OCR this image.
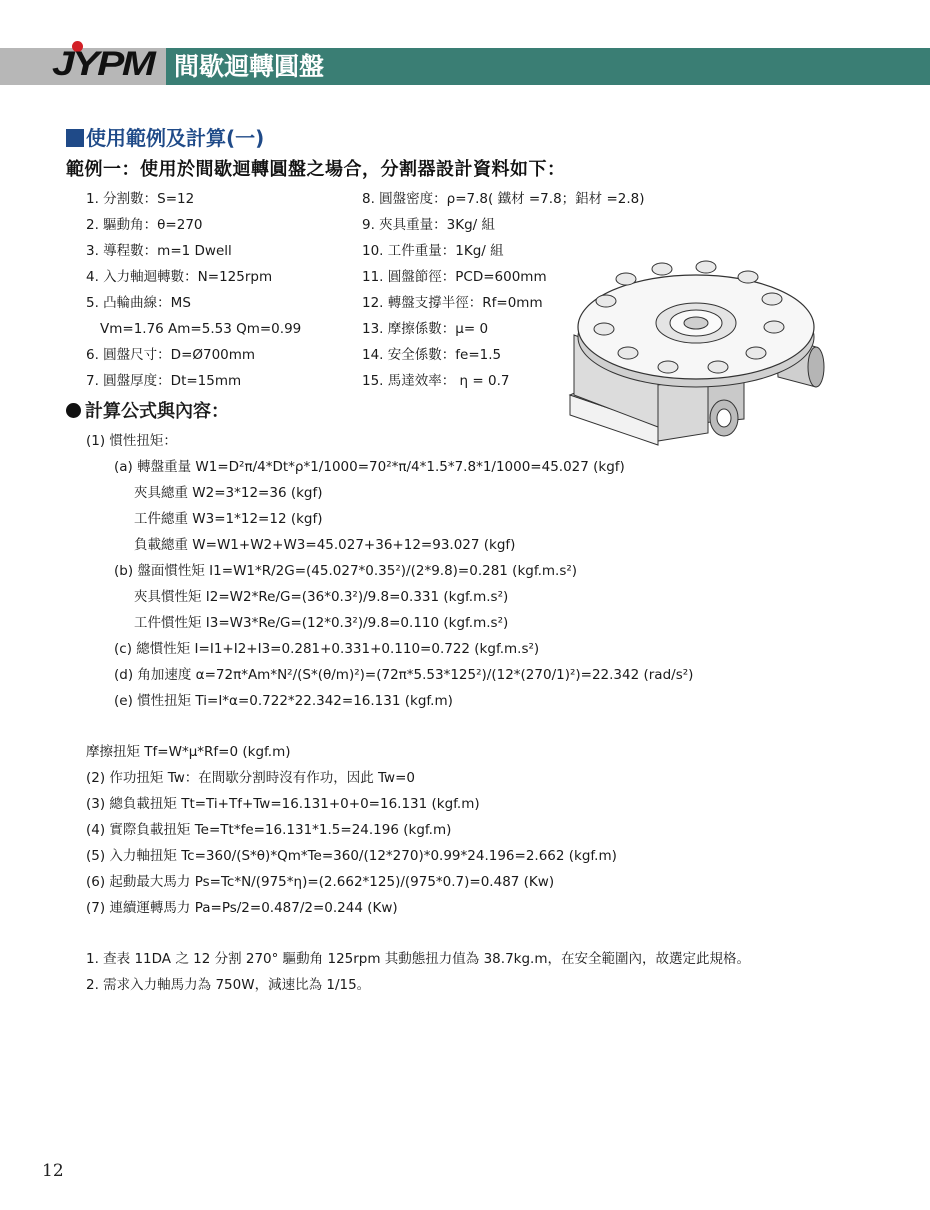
JYPM 間歇迴轉圓盤
使用範例及計算(一)
範例一：使用於間歇迴轉圓盤之場合，分割器設計資料如下：
1. 分割數：S=12
2. 驅動角：θ=270
3. 導程數：m=1 Dwell
4. 入力軸迴轉數：N=125rpm
5. 凸輪曲線：MS
Vm=1.76 Am=5.53 Qm=0.99
6. 圓盤尺寸：D=Ø700mm
7. 圓盤厚度：Dt=15mm
8. 圓盤密度：ρ=7.8( 鐵材 =7.8；鋁材 =2.8)
9. 夾具重量：3Kg/ 組
10. 工件重量：1Kg/ 組
11. 圓盤節徑：PCD=600mm
12. 轉盤支撐半徑：Rf=0mm
13. 摩擦係數：μ= 0
14. 安全係數：fe=1.5
15. 馬達效率： η = 0.7
計算公式與內容：
(1) 慣性扭矩：
(a) 轉盤重量 W1=D²π/4*Dt*ρ*1/1000=70²*π/4*1.5*7.8*1/1000=45.027 (kgf)
夾具總重 W2=3*12=36 (kgf)
工件總重 W3=1*12=12 (kgf)
負載總重 W=W1+W2+W3=45.027+36+12=93.027 (kgf)
(b) 盤面慣性矩 I1=W1*R/2G=(45.027*0.35²)/(2*9.8)=0.281 (kgf.m.s²)
夾具慣性矩 I2=W2*Re/G=(36*0.3²)/9.8=0.331 (kgf.m.s²)
工件慣性矩 I3=W3*Re/G=(12*0.3²)/9.8=0.110 (kgf.m.s²)
(c) 總慣性矩 I=I1+I2+I3=0.281+0.331+0.110=0.722 (kgf.m.s²)
(d) 角加速度 α=72π*Am*N²/(S*(θ/m)²)=(72π*5.53*125²)/(12*(270/1)²)=22.342 (rad/s²)
(e) 慣性扭矩 Ti=I*α=0.722*22.342=16.131 (kgf.m)
摩擦扭矩 Tf=W*μ*Rf=0 (kgf.m)
(2) 作功扭矩 Tw：在間歇分割時沒有作功，因此 Tw=0
(3) 總負載扭矩 Tt=Ti+Tf+Tw=16.131+0+0=16.131 (kgf.m)
(4) 實際負載扭矩 Te=Tt*fe=16.131*1.5=24.196 (kgf.m)
(5) 入力軸扭矩 Tc=360/(S*θ)*Qm*Te=360/(12*270)*0.99*24.196=2.662 (kgf.m)
(6) 起動最大馬力 Ps=Tc*N/(975*η)=(2.662*125)/(975*0.7)=0.487 (Kw)
(7) 連續運轉馬力 Pa=Ps/2=0.487/2=0.244 (Kw)
1. 查表 11DA 之 12 分割 270° 驅動角 125rpm 其動態扭力值為 38.7kg.m，在安全範圍內，故選定此規格。
2. 需求入力軸馬力為 750W，減速比為 1/15。
12
